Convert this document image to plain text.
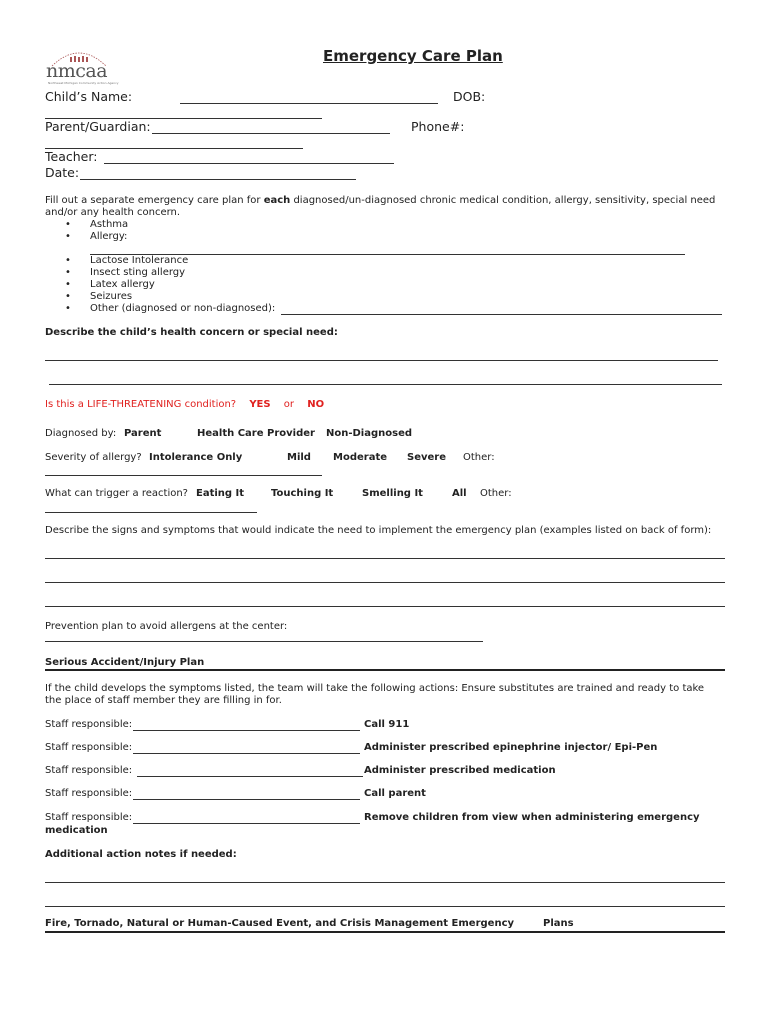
nmcaa
Northwest Michigan Community Action Agency
Emergency Care Plan
Child’s Name:	DOB:
Parent/Guardian:	Phone#:
Teacher:
Date:
Fill out a separate emergency care plan for each diagnosed/un-diagnosed chronic medical condition, allergy, sensitivity, special need
and/or any health concern.
• Asthma
• Allergy:
• Lactose Intolerance
• Insect sting allergy
• Latex allergy
• Seizures
• Other (diagnosed or non-diagnosed):
Describe the child’s health concern or special need:
Is this a LIFE-THREATENING condition? YES or NO
Diagnosed by: Parent	Health Care Provider Non-Diagnosed
Severity of allergy? Intolerance Only	Mild Moderate Severe Other:
What can trigger a reaction? Eating It	Touching It	Smelling It	All Other:
Describe the signs and symptoms that would indicate the need to implement the emergency plan (examples listed on back of form):
Prevention plan to avoid allergens at the center:
Serious Accident/Injury Plan
If the child develops the symptoms listed, the team will take the following actions: Ensure substitutes are trained and ready to take
the place of staff member they are filling in for.
Staff responsible:	Call 911
Staff responsible:	Administer prescribed epinephrine injector/ Epi-Pen
Staff responsible:	Administer prescribed medication
Staff responsible:	Call parent
Staff responsible:	Remove children from view when administering emergency
medication
Additional action notes if needed:
Fire, Tornado, Natural or Human-Caused Event, and Crisis Management Emergency	Plans
